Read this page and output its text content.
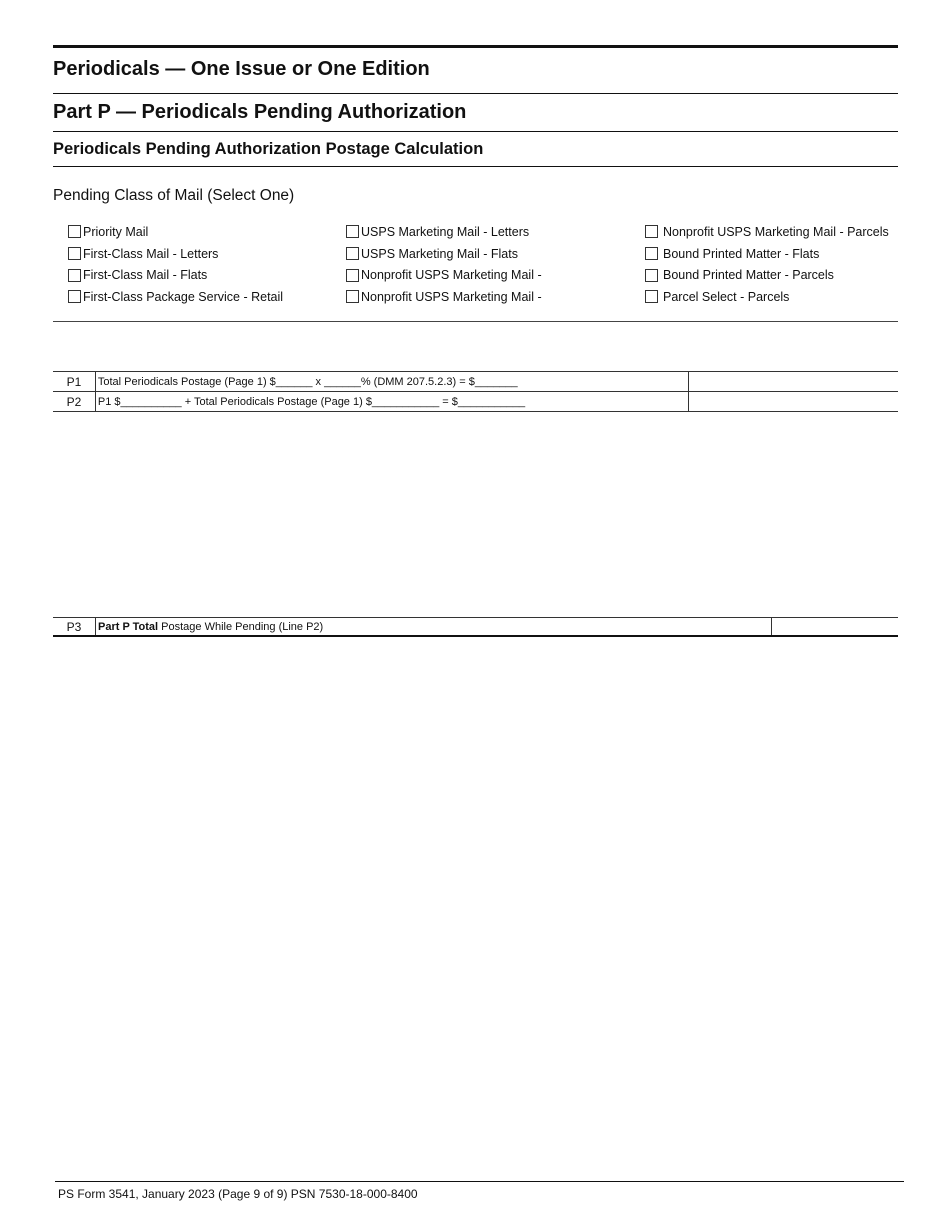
Periodicals — One Issue or One Edition
Part P — Periodicals Pending Authorization
Periodicals Pending Authorization Postage Calculation
Pending Class of Mail (Select One)
Priority Mail
First-Class Mail - Letters
First-Class Mail - Flats
First-Class Package Service - Retail
USPS Marketing Mail - Letters
USPS Marketing Mail - Flats
Nonprofit USPS Marketing Mail -
Nonprofit USPS Marketing Mail -
Nonprofit USPS Marketing Mail - Parcels
Bound Printed Matter - Flats
Bound Printed Matter - Parcels
Parcel Select - Parcels
P1	Total Periodicals Postage (Page 1) $______ x ______% (DMM 207.5.2.3) = $_______	
P2	P1 $__________ + Total Periodicals Postage (Page 1) $___________ = $___________	
P3	Part P Total Postage While Pending (Line P2)	
PS Form 3541, January 2023 (Page 9 of 9) PSN 7530-18-000-8400
